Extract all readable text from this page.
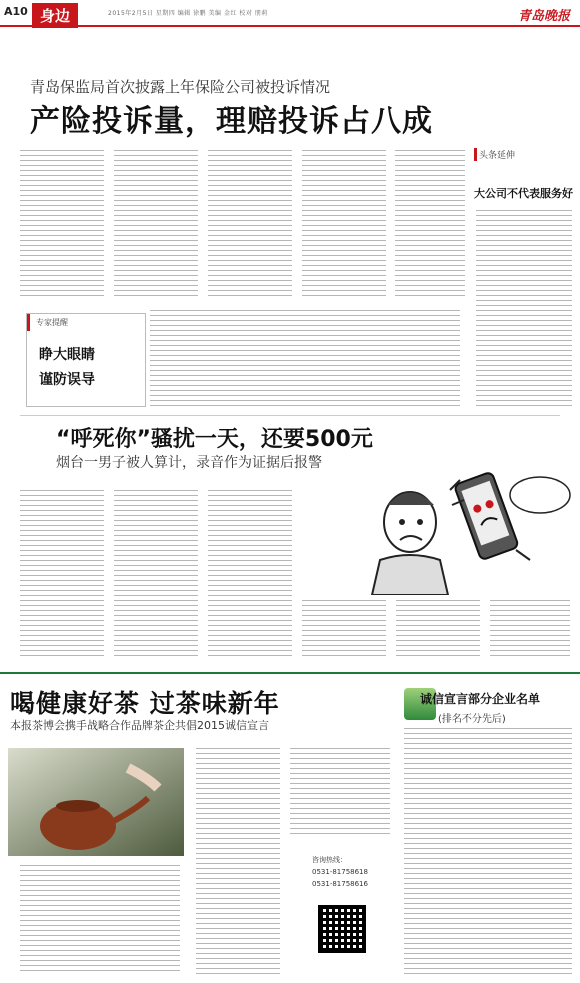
A10 身边	2015年2月5日 星期四 编辑 徐鹏 美编 金红 校对 朋莉	青岛晚报
青岛保监局首次披露上年保险公司被投诉情况
产险投诉量，理赔投诉占八成
头条延伸
大公司不代表服务好
专家提醒
睁大眼睛
谨防误导
“呼死你”骚扰一天，还要500元
烟台一男子被人算计，录音作为证据后报警
喝健康好茶 过茶味新年
本报茶博会携手战略合作品牌茶企共倡2015诚信宣言
咨询热线：
0531-81758618
0531-81758616
诚信宣言部分企业名单
(排名不分先后)
